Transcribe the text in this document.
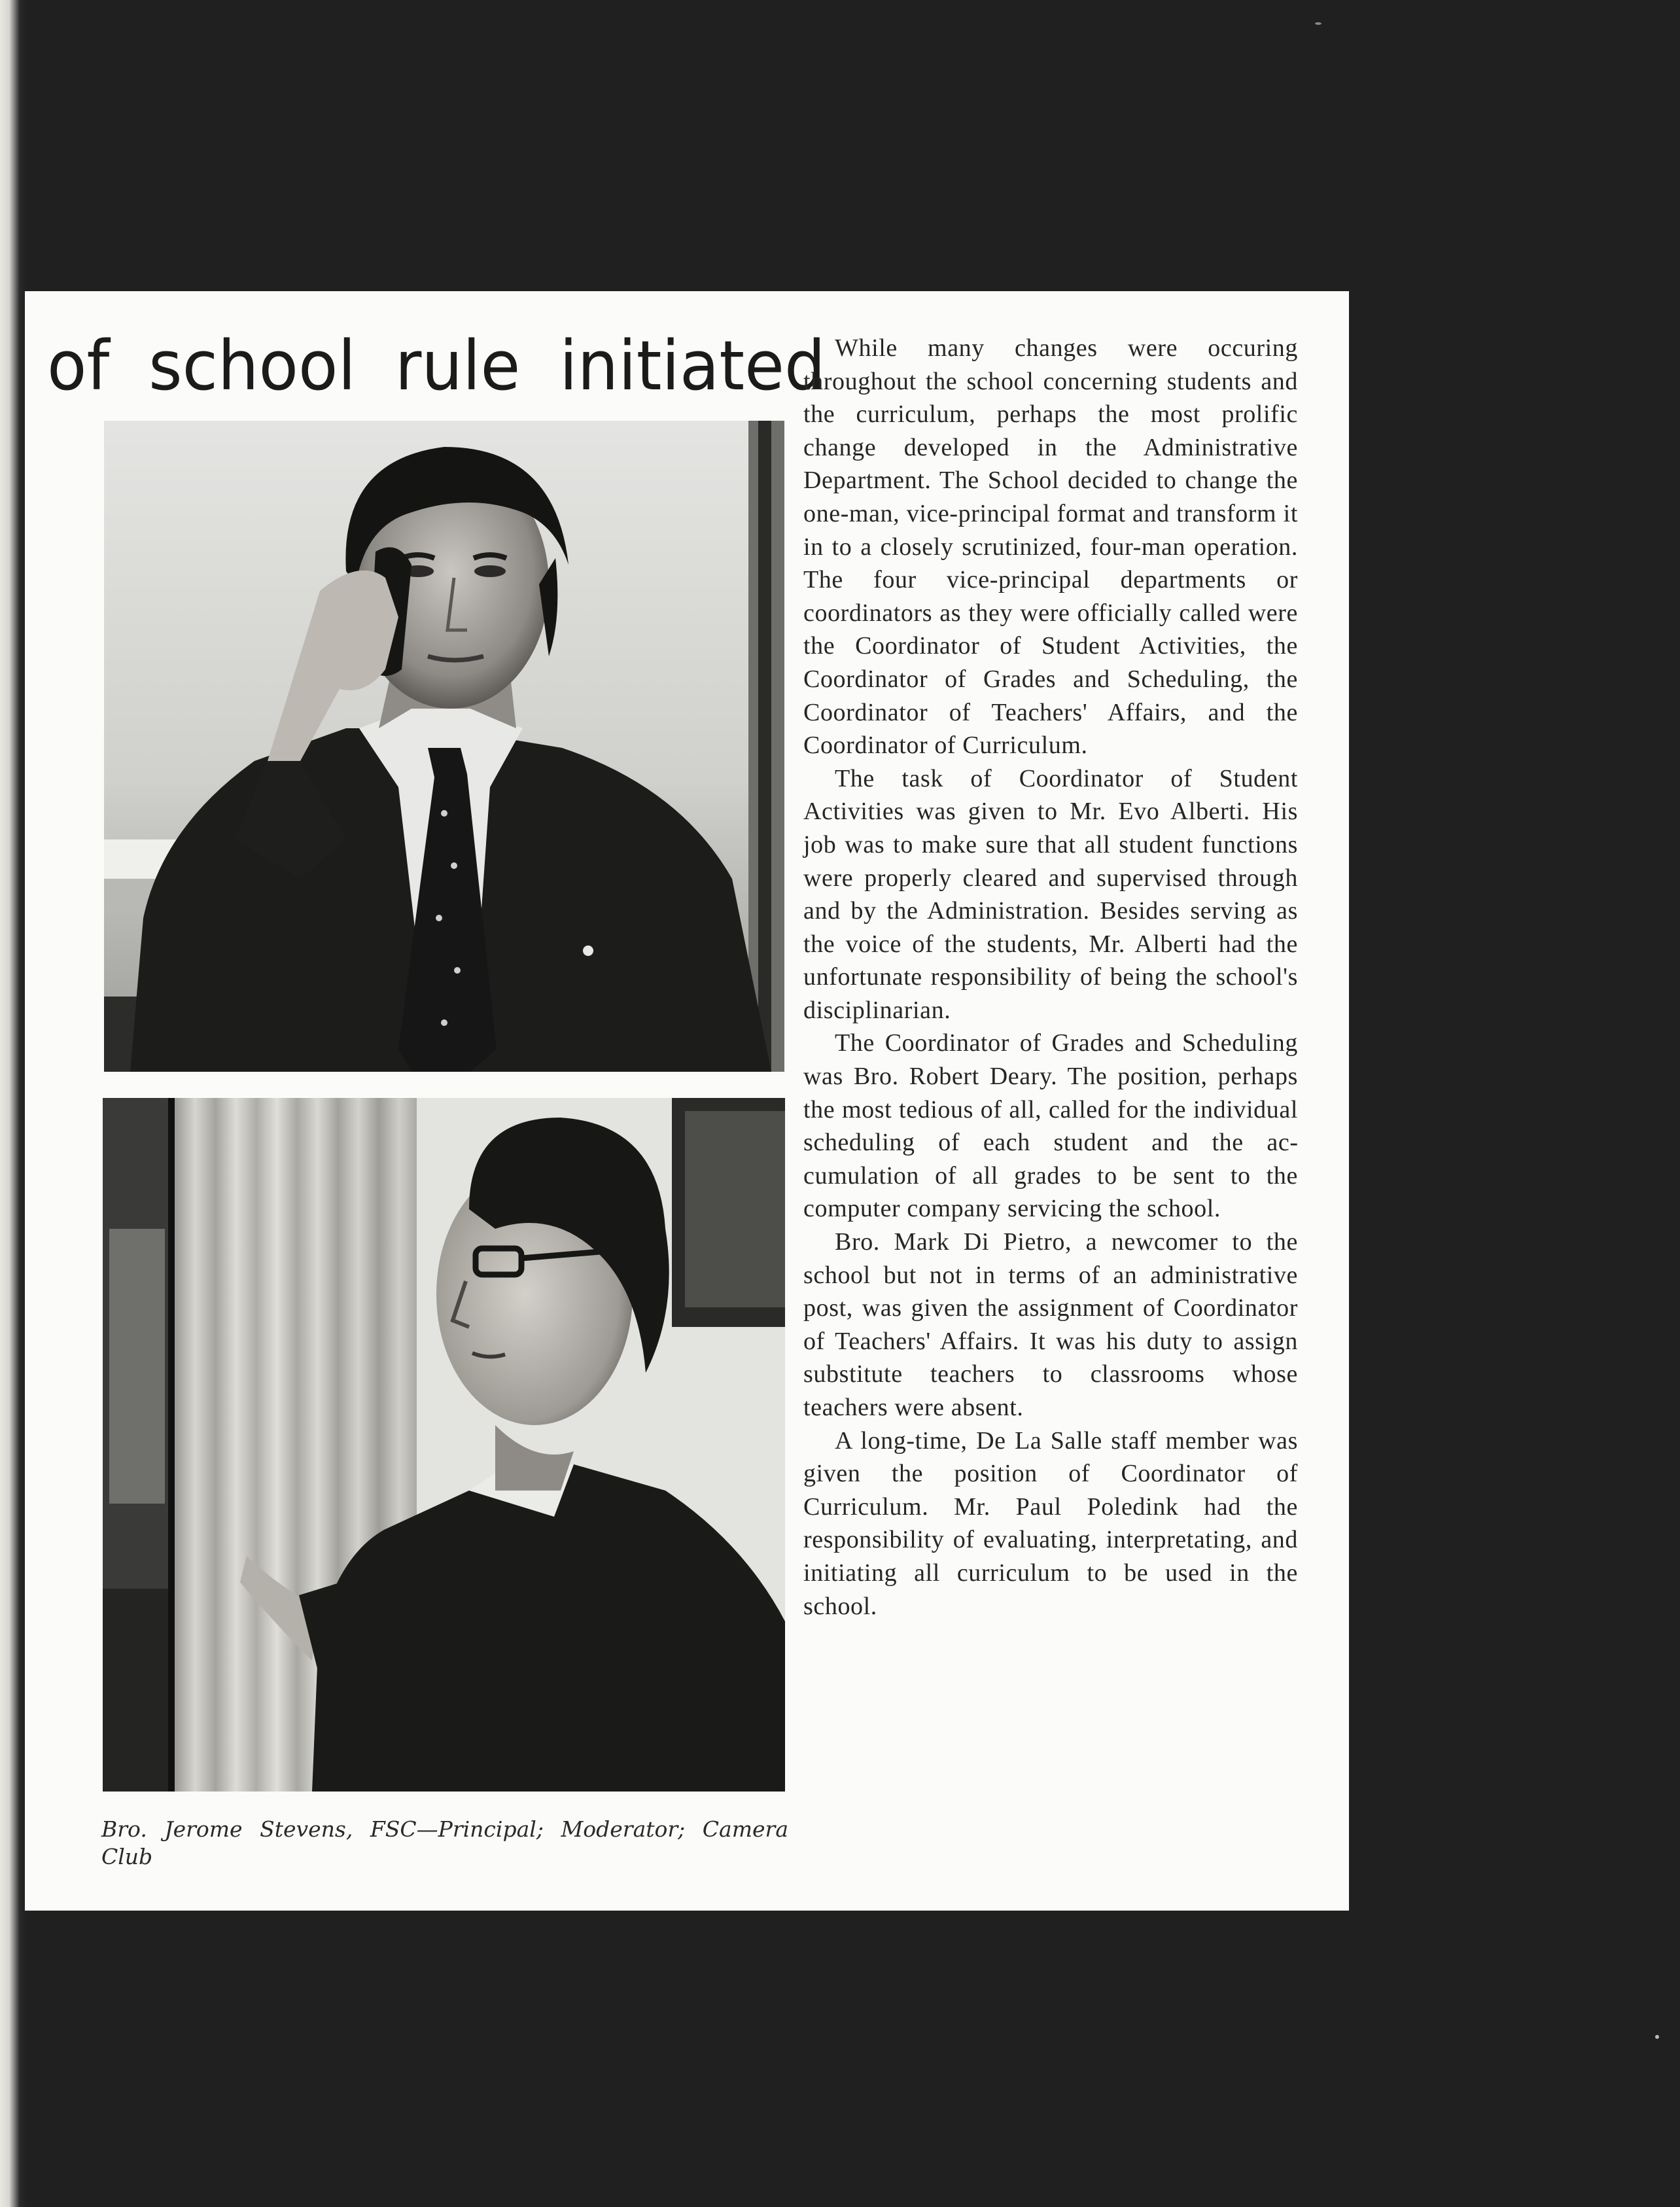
of school rule initiated

Bro. Jerome Stevens, FSC—Principal; Moderator; Camera Club

While many changes were occuring throughout the school concerning students and the curriculum, perhaps the most prolific change developed in the Administrative Department. The School decided to change the one-man, vice-principal format and transform it in to a closely scrutinized, four-man operation. The four vice-principal departments or coordinators as they were officially called were the Coordinator of Student Activities, the Coordinator of Grades and Scheduling, the Coordinator of Teachers' Affairs, and the Coordinator of Curriculum.

The task of Coordinator of Student Activities was given to Mr. Evo Alberti. His job was to make sure that all student functions were properly cleared and supervised through and by the Administration. Besides serving as the voice of the students, Mr. Alberti had the unfortunate responsibility of being the school's disciplinarian.

The Coordinator of Grades and Scheduling was Bro. Robert Deary. The position, perhaps the most tedious of all, called for the individual scheduling of each student and the accumulation of all grades to be sent to the computer company servicing the school.

Bro. Mark Di Pietro, a newcomer to the school but not in terms of an administrative post, was given the assignment of Coordinator of Teachers' Affairs. It was his duty to assign substitute teachers to classrooms whose teachers were absent.

A long-time, De La Salle staff member was given the position of Coordinator of Curriculum. Mr. Paul Poledink had the responsibility of evaluating, interpretating, and initiating all curriculum to be used in the school.
